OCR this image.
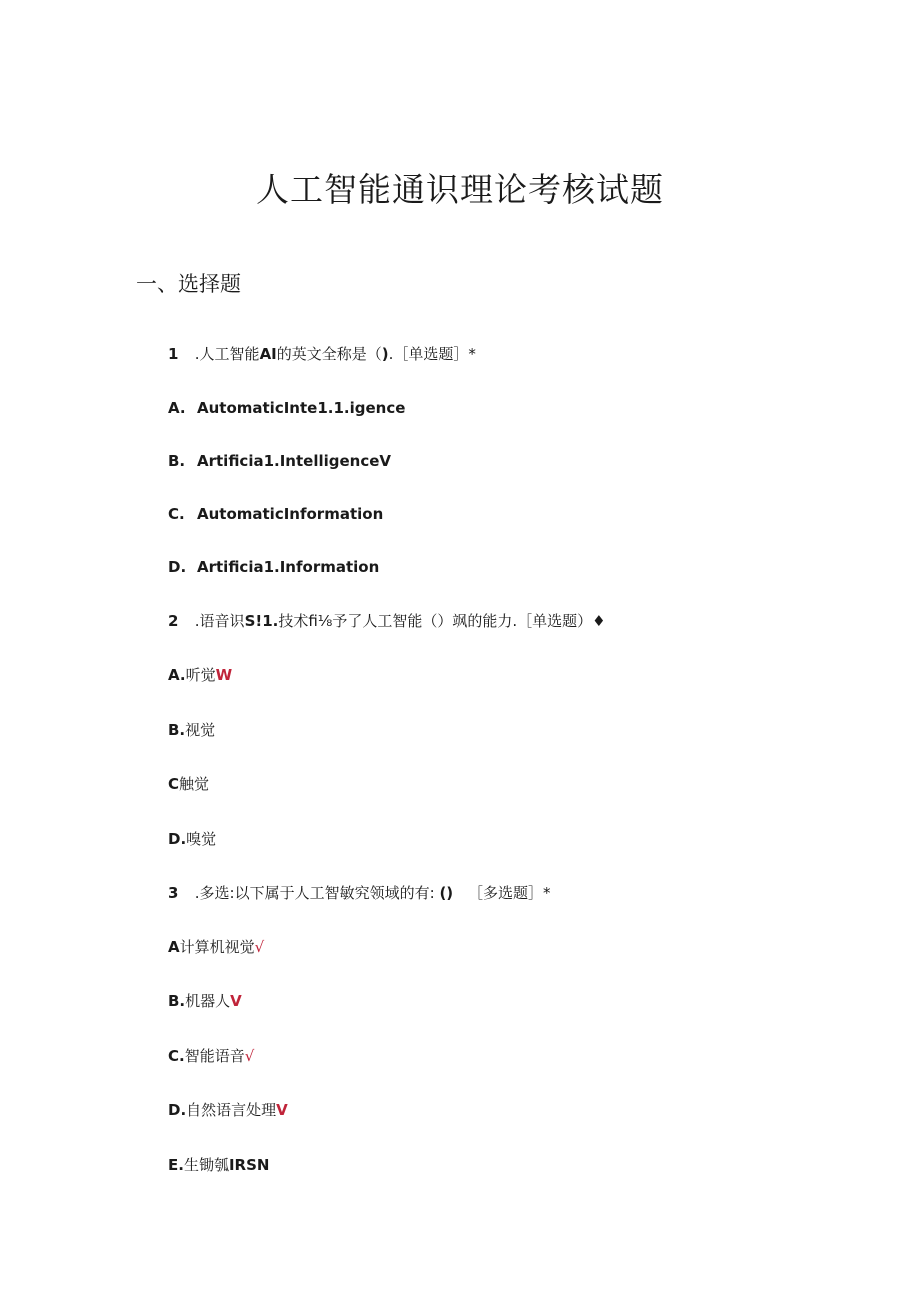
人工智能通识理论考核试题
一、选择题
1 .人工智能AI的英文全称是（).［单选题］*
A. AutomaticInte1.1.igence
B. Artificia1.IntelligenceV
C. AutomaticInformation
D. Artificia1.Information
2 .语音识S!1.技术fi⅛予了人工智能（）飒的能力.［单选题）♦
A.听觉W
B.视觉
C触觉
D.嗅觉
3 .多选:以下属于人工智敏究领域的有: () ［多选题］*
A计算机视觉√
B.机器人V
C.智能语音√
D.自然语言处理V
E.生锄瓠IRSN
